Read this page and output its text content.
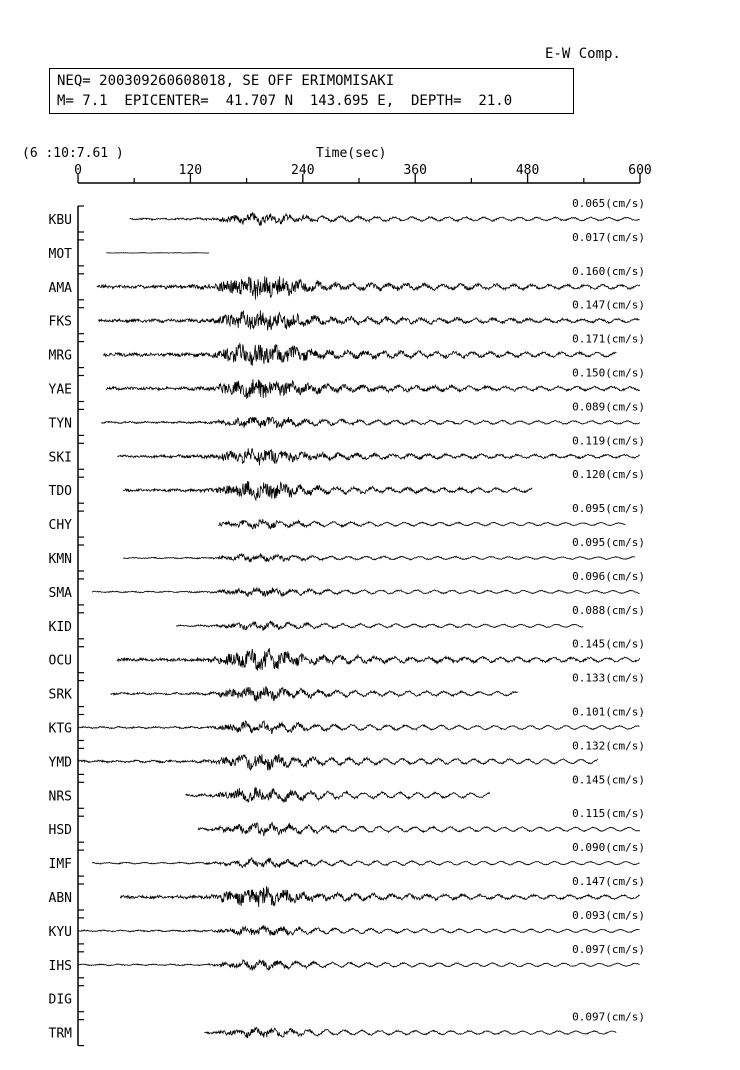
E-W Comp.
NEQ= 200309260608018, SE OFF ERIMOMISAKI
M= 7.1  EPICENTER=  41.707 N  143.695 E,  DEPTH=  21.0
(6 :10:7.61 )	Time(sec)
0	120	240	360	480	600
KBU
0.065(cm/s)
MOT
0.017(cm/s)
AMA
0.160(cm/s)
FKS
0.147(cm/s)
MRG
0.171(cm/s)
YAE
0.150(cm/s)
TYN
0.089(cm/s)
SKI
0.119(cm/s)
TDO
0.120(cm/s)
CHY
0.095(cm/s)
KMN
0.095(cm/s)
SMA
0.096(cm/s)
KID
0.088(cm/s)
OCU
0.145(cm/s)
SRK
0.133(cm/s)
KTG
0.101(cm/s)
YMD
0.132(cm/s)
NRS
0.145(cm/s)
HSD
0.115(cm/s)
IMF
0.090(cm/s)
ABN
0.147(cm/s)
KYU
0.093(cm/s)
IHS
0.097(cm/s)
DIG
TRM
0.097(cm/s)
